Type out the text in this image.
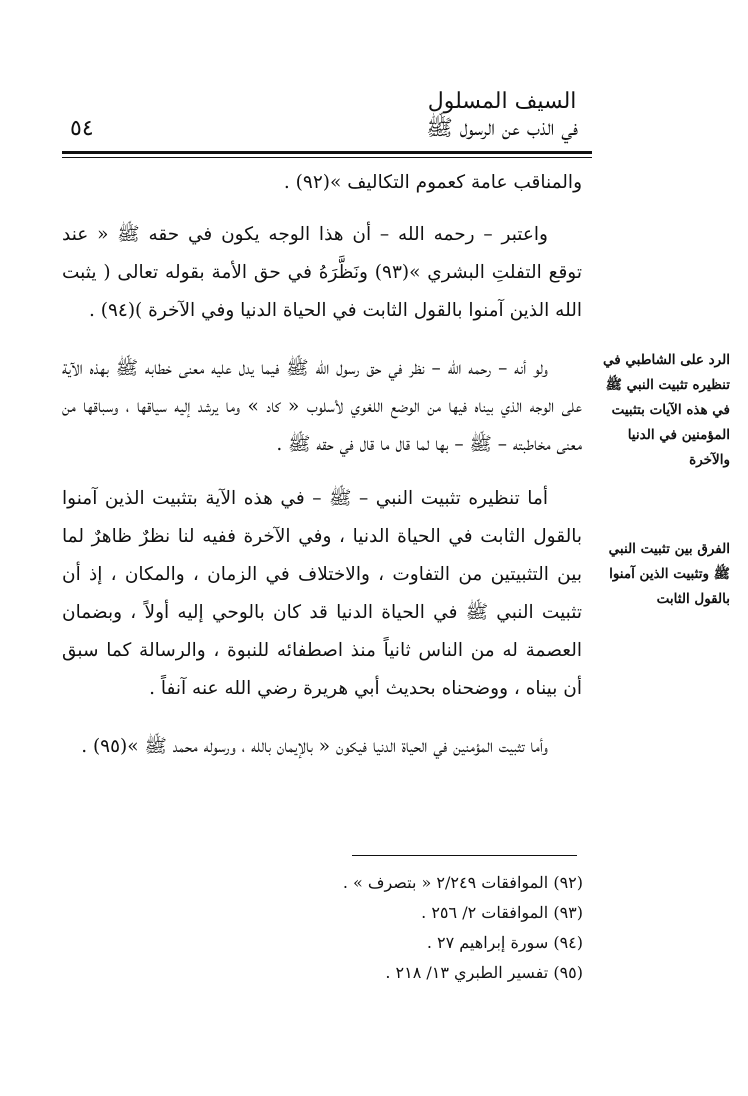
السيف المسلول
في الذب عن الرسول ﷺ
٥٤

والمناقب عامة كعموم التكاليف »(٩٢) .

واعتبر – رحمه الله – أن هذا الوجه يكون في حقه ﷺ « عند توقع التفلتِ البشري »(٩٣) ونَظَّرَهُ في حق الأمة بقوله تعالى ( يثبت الله الذين آمنوا بالقول الثابت في الحياة الدنيا وفي الآخرة )(٩٤) .

ولو أنه – رحمه الله – نظر في حق رسول الله ﷺ فيما يدل عليه معنى خطابه ﷺ بهذه الآية على الوجه الذي بيناه فيها من الوضع اللغوي لأسلوب « كاد » وما يرشد إليه سياقها ، وسباقها من معنى مخاطبته – ﷺ – بها لما قال ما قال في حقه ﷺ .

أما تنظيره تثبيت النبي – ﷺ – في هذه الآية بتثبيت الذين آمنوا بالقول الثابت في الحياة الدنيا ، وفي الآخرة ففيه لنا نظرٌ ظاهرٌ لما بين التثبيتين من التفاوت ، والاختلاف في الزمان ، والمكان ، إذ أن تثبيت النبي ﷺ في الحياة الدنيا قد كان بالوحي إليه أولاً ، وبضمان العصمة له من الناس ثانياً منذ اصطفائه للنبوة ، والرسالة كما سبق أن بيناه ، ووضحناه بحديث أبي هريرة رضي الله عنه آنفاً .

وأما تثبيت المؤمنين في الحياة الدنيا فيكون « بالإيمان بالله ، ورسوله محمد ﷺ »(٩٥) .

الرد على الشاطبي في تنظيره تثبيت النبي ﷺ في هذه الآيات بتثبيت المؤمنين في الدنيا والآخرة
الفرق بين تثبيت النبي ﷺ وتثبيت الذين آمنوا بالقول الثابت
(٩٢) الموافقات ٢/٢٤٩ « بتصرف » .
(٩٣) الموافقات ٢/ ٢٥٦ .
(٩٤) سورة إبراهيم ٢٧ .
(٩٥) تفسير الطبري ١٣/ ٢١٨ .
